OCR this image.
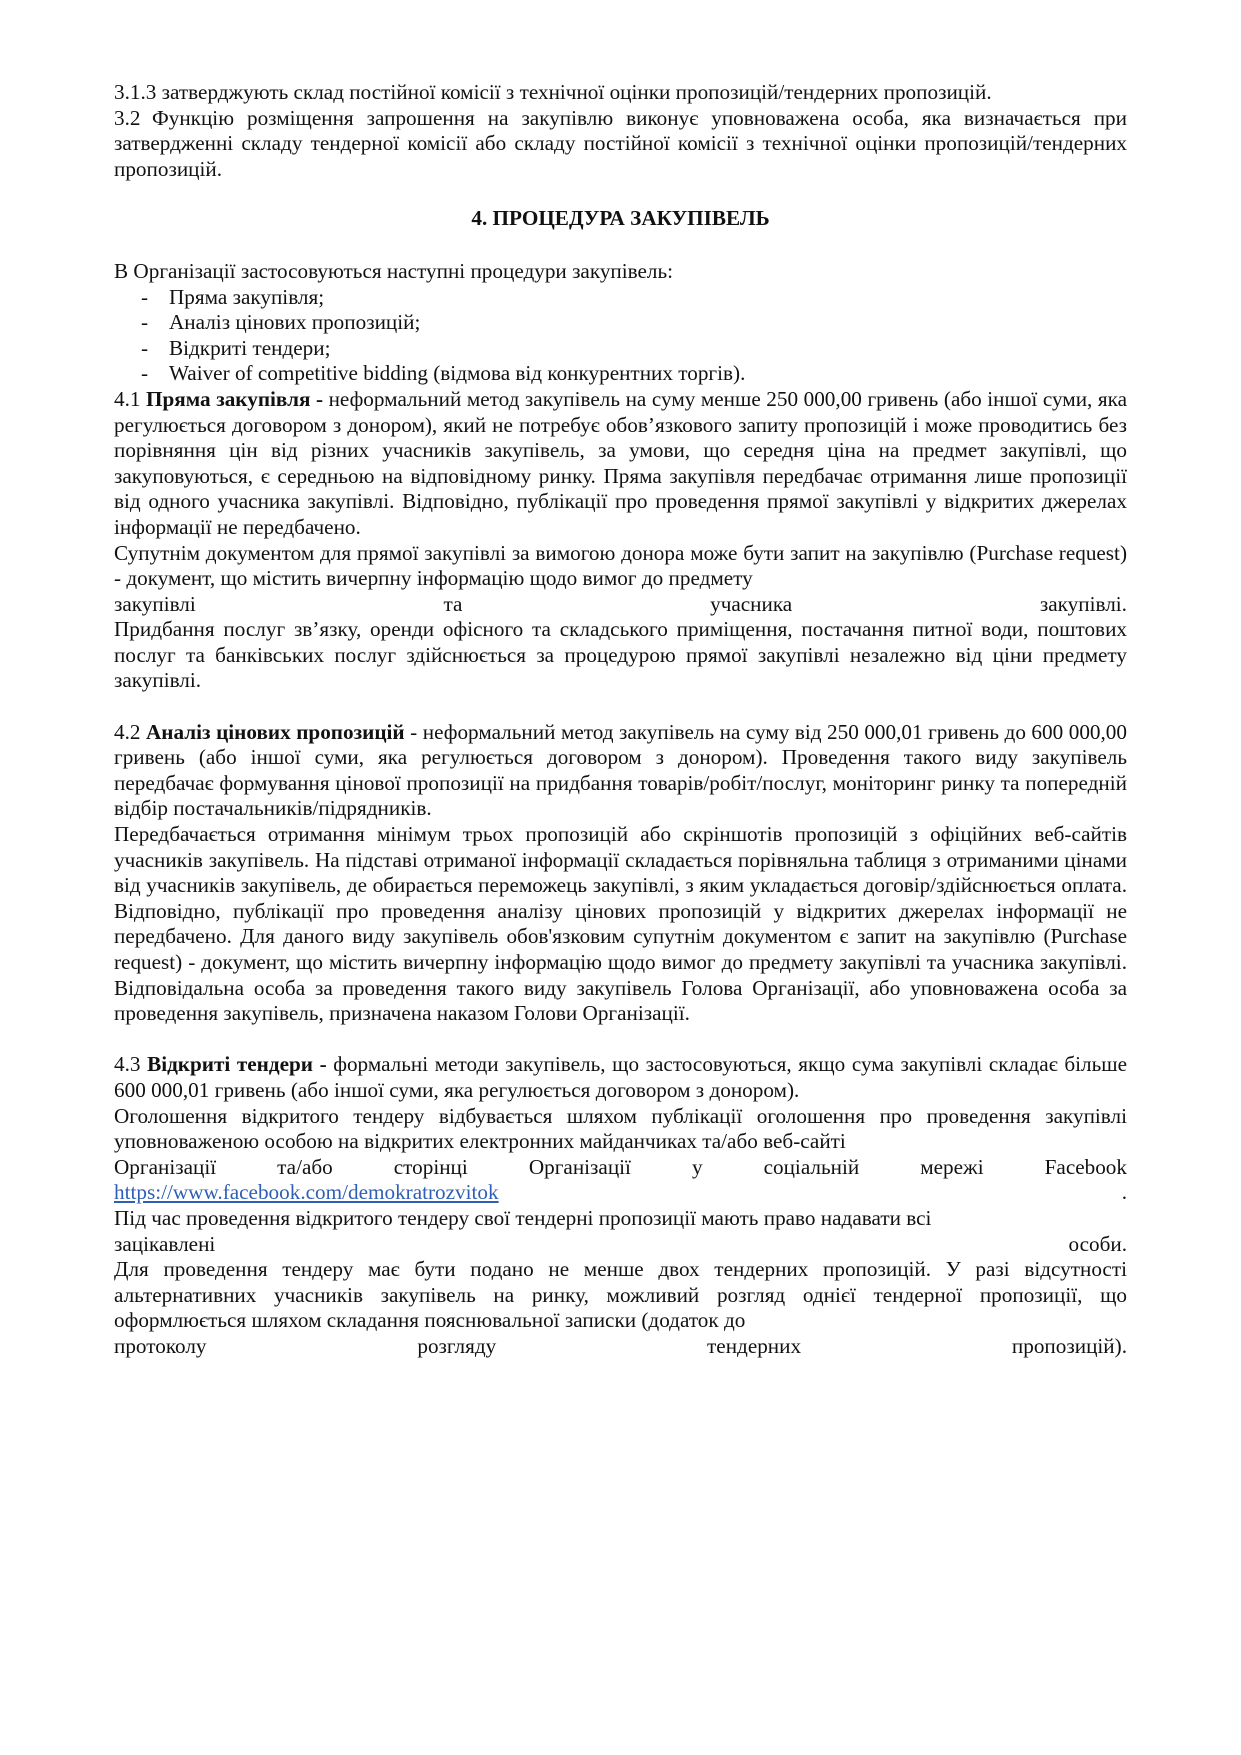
3.1.3 затверджують склад постійної комісії з технічної оцінки пропозицій/тендерних пропозицій.

3.2 Функцію розміщення запрошення на закупівлю виконує уповноважена особа, яка визначається при затвердженні складу тендерної комісії або складу постійної комісії з технічної оцінки пропозицій/тендерних пропозицій.

4. ПРОЦЕДУРА ЗАКУПІВЕЛЬ

В Організації застосовуються наступні процедури закупівель:

- Пряма закупівля;
- Аналіз цінових пропозицій;
- Відкриті тендери;
- Waiver of competitive bidding (відмова від конкурентних торгів).

4.1 Пряма закупівля - неформальний метод закупівель на суму менше 250 000,00 гривень (або іншої суми, яка регулюється договором з донором), який не потребує обов’язкового запиту пропозицій і може проводитись без порівняння цін від різних учасників закупівель, за умови, що середня ціна на предмет закупівлі, що закуповуються, є середньою на відповідному ринку. Пряма закупівля передбачає отримання лише пропозиції від одного учасника закупівлі. Відповідно, публікації про проведення прямої закупівлі у відкритих джерелах інформації не передбачено.

Супутнім документом для прямої закупівлі за вимогою донора може бути запит на закупівлю (Purchase request) - документ, що містить вичерпну інформацію щодо вимог до предмету

закупівлі	та	учасника	закупівлі.

Придбання послуг зв’язку, оренди офісного та складського приміщення, постачання питної води, поштових послуг та банківських послуг здійснюється за процедурою прямої закупівлі незалежно від ціни предмету закупівлі.

4.2 Аналіз цінових пропозицій - неформальний метод закупівель на суму від 250 000,01 гривень до 600 000,00 гривень (або іншої суми, яка регулюється договором з донором). Проведення такого виду закупівель передбачає формування цінової пропозиції на придбання товарів/робіт/послуг, моніторинг ринку та попередній відбір постачальників/підрядників.

Передбачається отримання мінімум трьох пропозицій або скріншотів пропозицій з офіційних веб-сайтів учасників закупівель. На підставі отриманої інформації складається порівняльна таблиця з отриманими цінами від учасників закупівель, де обирається переможець закупівлі, з яким укладається договір/здійснюється оплата. Відповідно, публікації про проведення аналізу цінових пропозицій у відкритих джерелах інформації не передбачено. Для даного виду закупівель обов'язковим супутнім документом є запит на закупівлю (Purchase request) - документ, що містить вичерпну інформацію щодо вимог до предмету закупівлі та учасника закупівлі. Відповідальна особа за проведення такого виду закупівель Голова Організації, або уповноважена особа за проведення закупівель, призначена наказом Голови Організації.

4.3 Відкриті тендери - формальні методи закупівель, що застосовуються, якщо сума закупівлі складає більше 600 000,01 гривень (або іншої суми, яка регулюється договором з донором).

Оголошення відкритого тендеру відбувається шляхом публікації оголошення про проведення закупівлі уповноваженою особою на відкритих електронних майданчиках та/або веб-сайті

Організації	та/або	сторінці	Організації	у	соціальній	мережі	Facebook
https://www.facebook.com/demokratrozvitok	.

Під час проведення відкритого тендеру свої тендерні пропозиції мають право надавати всі

зацікавлені	особи.

Для проведення тендеру має бути подано не менше двох тендерних пропозицій. У разі відсутності альтернативних учасників закупівель на ринку, можливий розгляд однієї тендерної пропозиції, що оформлюється шляхом складання пояснювальної записки (додаток до

протоколу	розгляду	тендерних	пропозицій).
